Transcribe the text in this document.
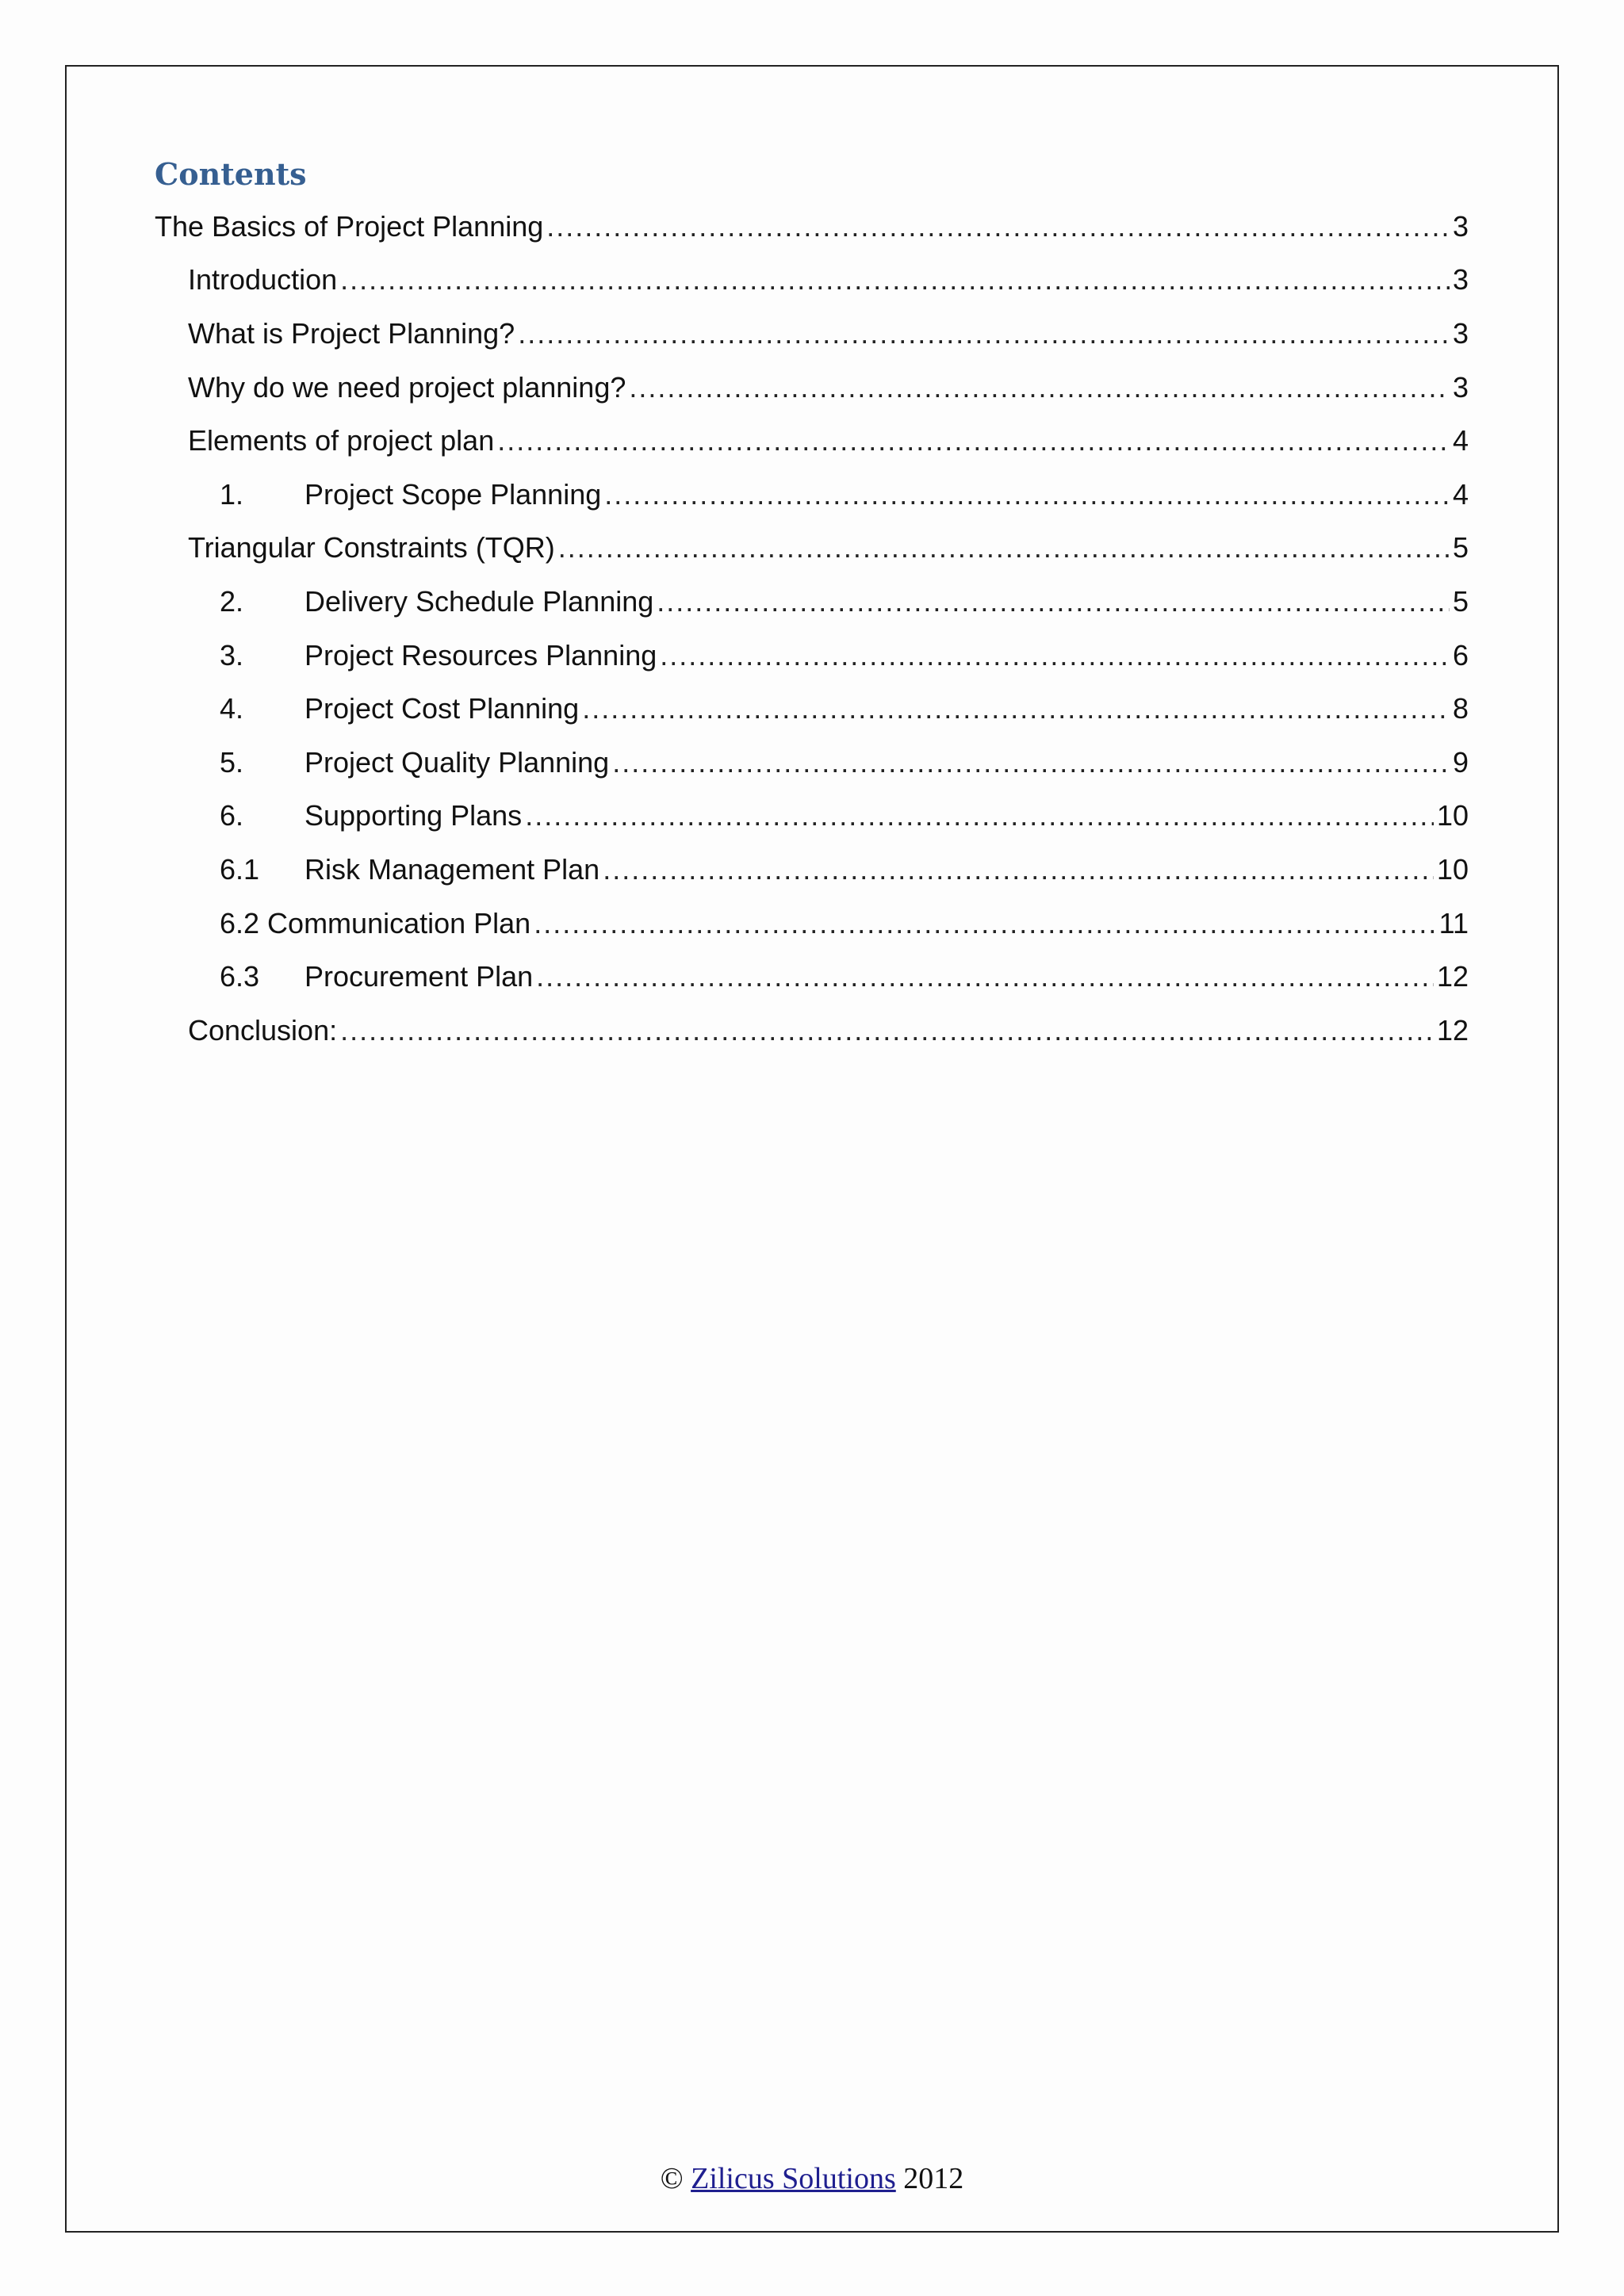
Contents
The Basics of Project Planning .....	3
Introduction .....	3
What is Project Planning? .....	3
Why do we need project planning? .....	3
Elements of project plan .....	4
1.	Project Scope Planning .....	4
Triangular Constraints (TQR) .....	5
2.	Delivery Schedule Planning .....	5
3.	Project Resources Planning .....	6
4.	Project Cost Planning .....	8
5.	Project Quality Planning .....	9
6.	Supporting Plans .....	10
6.1	Risk Management Plan .....	10
6.2 Communication Plan .....	11
6.3	Procurement Plan .....	12
Conclusion: .....	12
© Zilicus Solutions 2012
